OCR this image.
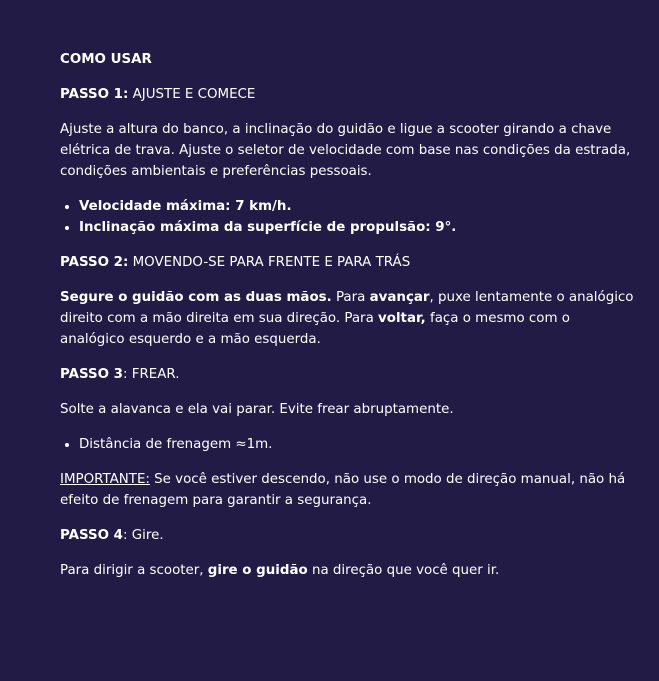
COMO USAR

PASSO 1: AJUSTE E COMECE

Ajuste a altura do banco, a inclinação do guidão e ligue a scooter girando a chave elétrica de trava. Ajuste o seletor de velocidade com base nas condições da estrada, condições ambientais e preferências pessoais.

• Velocidade máxima: 7 km/h.
• Inclinação máxima da superfície de propulsão: 9°.

PASSO 2: MOVENDO-SE PARA FRENTE E PARA TRÁS

Segure o guidão com as duas mãos. Para avançar, puxe lentamente o analógico direito com a mão direita em sua direção. Para voltar, faça o mesmo com o analógico esquerdo e a mão esquerda.

PASSO 3: FREAR.

Solte a alavanca e ela vai parar. Evite frear abruptamente.

• Distância de frenagem ≈1m.

IMPORTANTE: Se você estiver descendo, não use o modo de direção manual, não há efeito de frenagem para garantir a segurança.

PASSO 4: Gire.

Para dirigir a scooter, gire o guidão na direção que você quer ir.
